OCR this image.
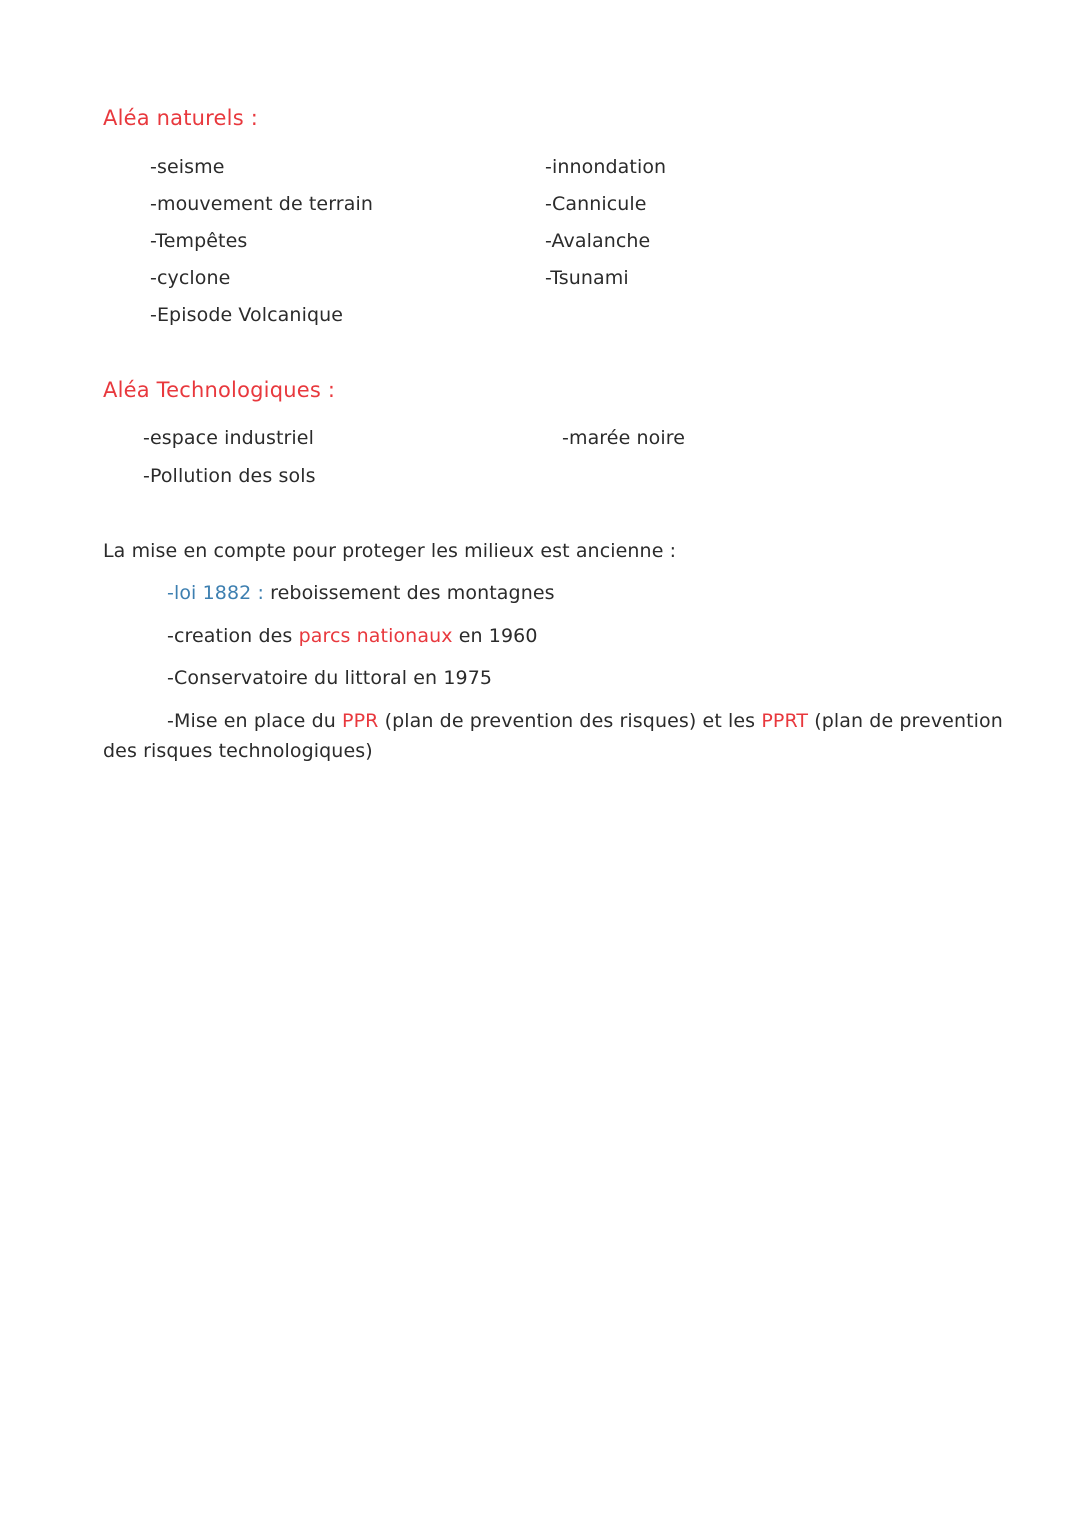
Aléa naturels :
-seisme
-mouvement de terrain
-Tempêtes
-cyclone
-Episode Volcanique
-innondation
-Cannicule
-Avalanche
-Tsunami
Aléa Technologiques :
-espace industriel
-Pollution des sols
-marée noire
La mise en compte pour proteger les milieux est ancienne :
-loi 1882 : reboissement des montagnes
-creation des parcs nationaux en 1960
-Conservatoire du littoral en 1975
-Mise en place du PPR (plan de prevention des risques) et les PPRT (plan de prevention
des risques technologiques)
